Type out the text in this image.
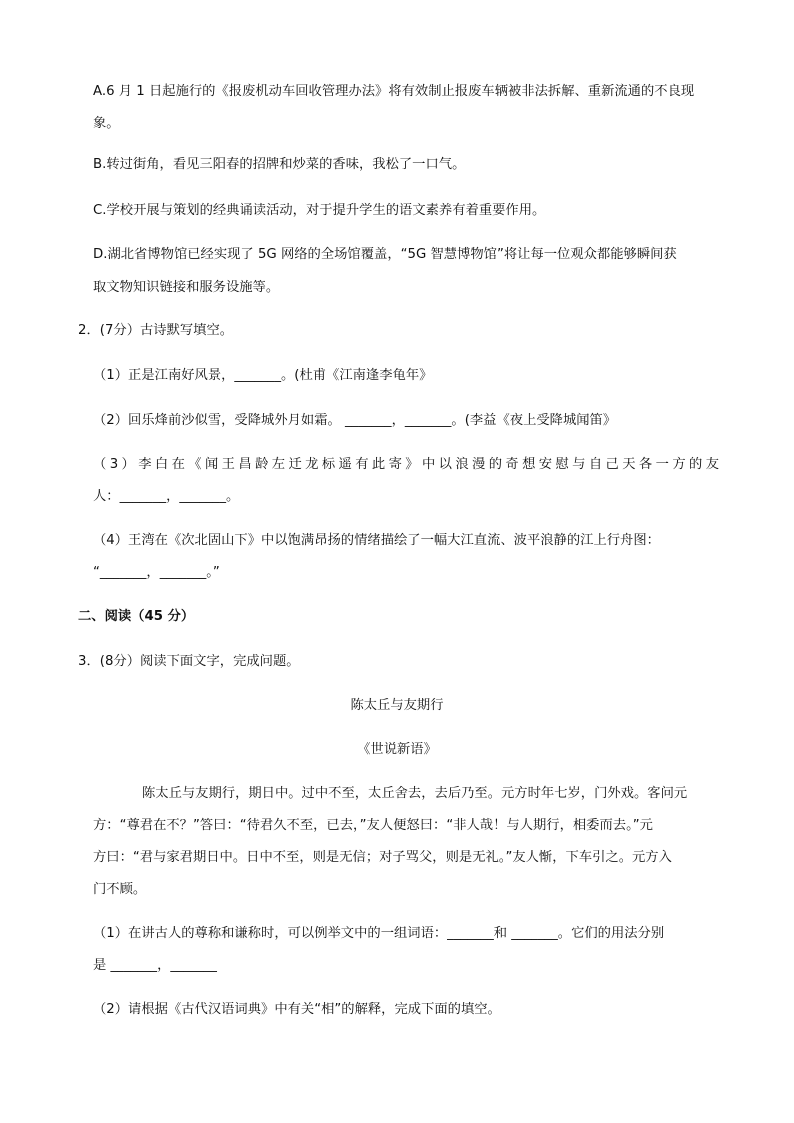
A.6 月 1 日起施行的《报废机动车回收管理办法》将有效制止报废车辆被非法拆解、重新流通的不良现
象。
B.转过街角，看见三阳春的招牌和炒菜的香味，我松了一口气。
C.学校开展与策划的经典诵读活动，对于提升学生的语文素养有着重要作用。
D.湖北省博物馆已经实现了 5G 网络的全场馆覆盖，“5G 智慧博物馆”将让每一位观众都能够瞬间获
取文物知识链接和服务设施等。
2．(7分）古诗默写填空。
（1）正是江南好风景，_______。(杜甫《江南逢李龟年》
（2）回乐烽前沙似雪，受降城外月如霜。 _______，_______。(李益《夜上受降城闻笛》
（3）李白在《闻王昌龄左迁龙标遥有此寄》中以浪漫的奇想安慰与自己天各一方的友
人：_______，_______。
（4）王湾在《次北固山下》中以饱满昂扬的情绪描绘了一幅大江直流、波平浪静的江上行舟图：
“_______，_______。”
二、阅读（45 分）
3．(8分）阅读下面文字，完成问题。
陈太丘与友期行
《世说新语》
陈太丘与友期行，期日中。过中不至，太丘舍去，去后乃至。元方时年七岁，门外戏。客问元
方：“尊君在不？”答曰：“待君久不至，已去，”友人便怒曰：“非人哉！与人期行，相委而去。”元
方曰：“君与家君期日中。日中不至，则是无信；对子骂父，则是无礼。”友人惭，下车引之。元方入
门不顾。
（1）在讲古人的尊称和谦称时，可以例举文中的一组词语：_______和 _______。它们的用法分别
是 _______，_______
（2）请根据《古代汉语词典》中有关“相”的解释，完成下面的填空。
